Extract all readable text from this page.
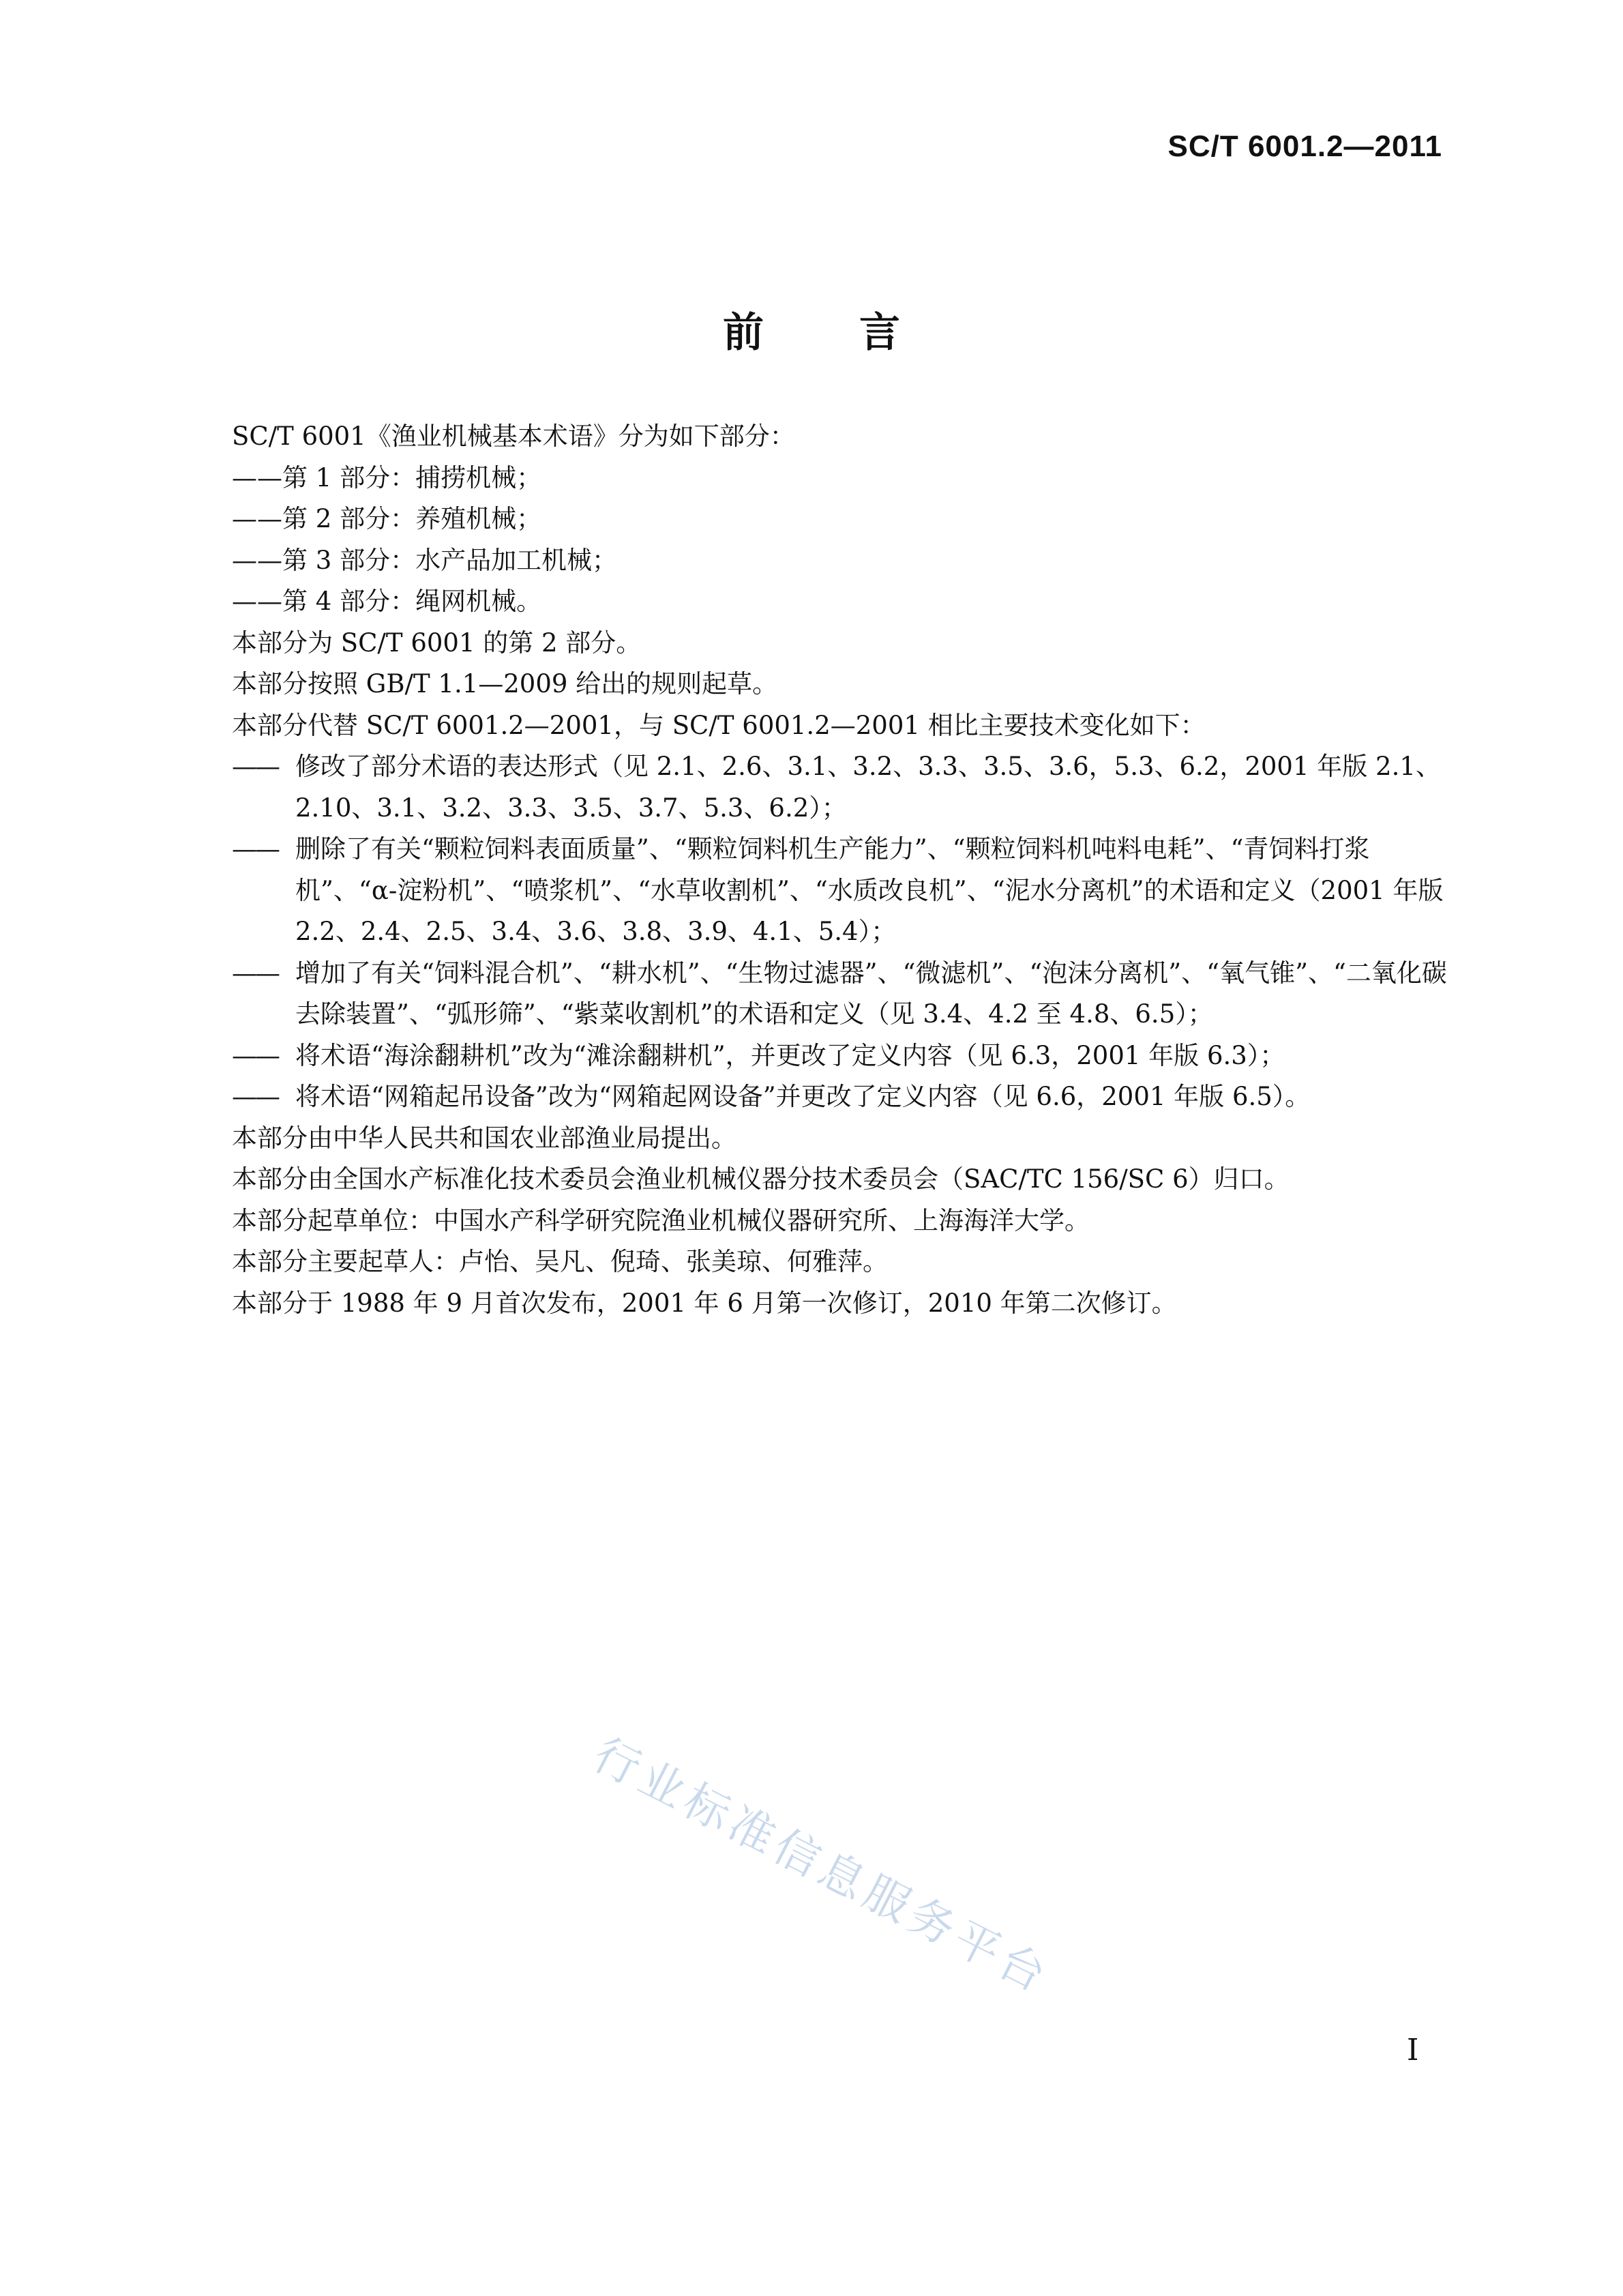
SC/T 6001.2—2011
前言
SC/T 6001《渔业机械基本术语》分为如下部分：
——第 1 部分：捕捞机械；
——第 2 部分：养殖机械；
——第 3 部分：水产品加工机械；
——第 4 部分：绳网机械。
本部分为 SC/T 6001 的第 2 部分。
本部分按照 GB/T 1.1—2009 给出的规则起草。
本部分代替 SC/T 6001.2—2001，与 SC/T 6001.2—2001 相比主要技术变化如下：
—— 修改了部分术语的表达形式（见 2.1、2.6、3.1、3.2、3.3、3.5、3.6，5.3、6.2，2001 年版 2.1、2.10、3.1、3.2、3.3、3.5、3.7、5.3、6.2）；
—— 删除了有关“颗粒饲料表面质量”、“颗粒饲料机生产能力”、“颗粒饲料机吨料电耗”、“青饲料打浆机”、“α-淀粉机”、“喷浆机”、“水草收割机”、“水质改良机”、“泥水分离机”的术语和定义（2001 年版 2.2、2.4、2.5、3.4、3.6、3.8、3.9、4.1、5.4）；
—— 增加了有关“饲料混合机”、“耕水机”、“生物过滤器”、“微滤机”、“泡沫分离机”、“氧气锥”、“二氧化碳去除装置”、“弧形筛”、“紫菜收割机”的术语和定义（见 3.4、4.2 至 4.8、6.5）；
—— 将术语“海涂翻耕机”改为“滩涂翻耕机”，并更改了定义内容（见 6.3，2001 年版 6.3）；
—— 将术语“网箱起吊设备”改为“网箱起网设备”并更改了定义内容（见 6.6，2001 年版 6.5）。
本部分由中华人民共和国农业部渔业局提出。
本部分由全国水产标准化技术委员会渔业机械仪器分技术委员会（SAC/TC 156/SC 6）归口。
本部分起草单位：中国水产科学研究院渔业机械仪器研究所、上海海洋大学。
本部分主要起草人：卢怡、吴凡、倪琦、张美琼、何雅萍。
本部分于 1988 年 9 月首次发布，2001 年 6 月第一次修订，2010 年第二次修订。
行业标准信息服务平台
I
